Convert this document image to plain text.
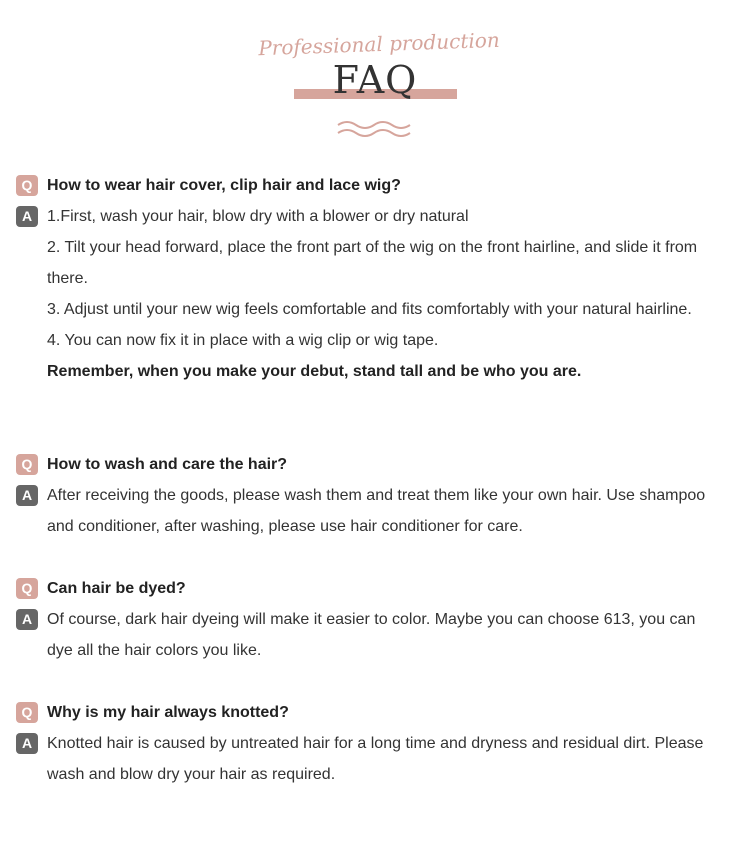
Professional production
FAQ
Q How to wear hair cover, clip hair and lace wig?
A 1.First, wash your hair, blow dry with a blower or dry natural
2. Tilt your head forward, place the front part of the wig on the front hairline, and slide it from
there.
3. Adjust until your new wig feels comfortable and fits comfortably with your natural hairline.
4. You can now fix it in place with a wig clip or wig tape.
Remember, when you make your debut, stand tall and be who you are.
Q How to wash and care the hair?
A After receiving the goods, please wash them and treat them like your own hair. Use shampoo
and conditioner, after washing, please use hair conditioner for care.
Q Can hair be dyed?
A Of course, dark hair dyeing will make it easier to color. Maybe you can choose 613, you can
dye all the hair colors you like.
Q Why is my hair always knotted?
A Knotted hair is caused by untreated hair for a long time and dryness and residual dirt. Please
wash and blow dry your hair as required.
